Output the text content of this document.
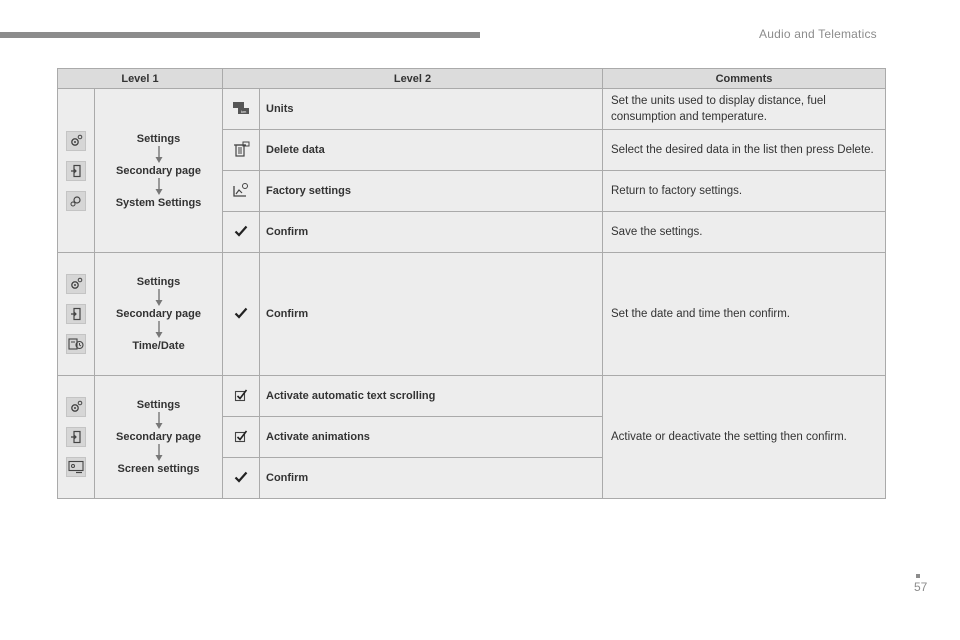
Audio and Telematics
Level 1		Level 2		Comments

Settings
Secondary page
System Settings	km	Units	Set the units used to display distance, fuel consumption and temperature.
	Delete data	Select the desired data in the list then press Delete.
	Factory settings	Return to factory settings.
	Confirm	Save the settings.

Settings
Secondary page
Time/Date		Confirm	Set the date and time then confirm.

Settings
Secondary page
Screen settings		Activate automatic text scrolling	Activate or deactivate the setting then confirm.
	Activate animations	
	Confirm	
57
